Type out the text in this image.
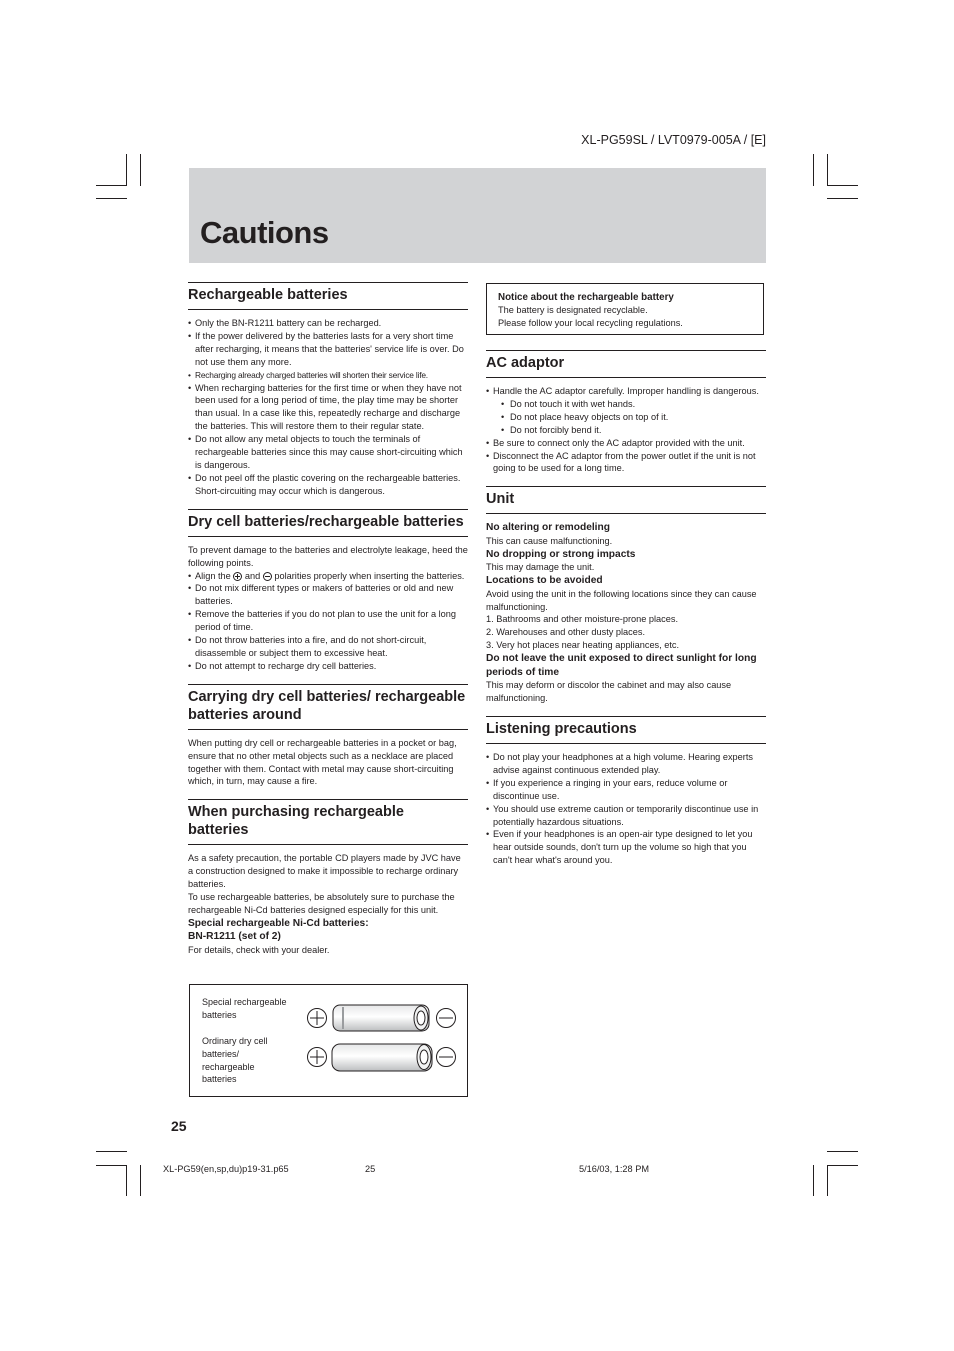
XL-PG59SL / LVT0979-005A / [E]
Cautions
Rechargeable batteries
• Only the BN-R1211 battery can be recharged.
• If the power delivered by the batteries lasts for a very short time after recharging, it means that the batteries' service life is over. Do not use them any more.
• Recharging already charged batteries will shorten their service life.
• When recharging batteries for the first time or when they have not been used for a long period of time, the play time may be shorter than usual. In a case like this, repeatedly recharge and discharge the batteries. This will restore them to their regular state.
• Do not allow any metal objects to touch the terminals of rechargeable batteries since this may cause short-circuiting which is dangerous.
• Do not peel off the plastic covering on the rechargeable batteries. Short-circuiting may occur which is dangerous.
Dry cell batteries/rechargeable batteries

To prevent damage to the batteries and electrolyte leakage, heed the following points.

• Align the and polarities properly when inserting the batteries.
• Do not mix different types or makers of batteries or old and new batteries.
• Remove the batteries if you do not plan to use the unit for a long period of time.
• Do not throw batteries into a fire, and do not short-circuit, disassemble or subject them to excessive heat.
• Do not attempt to recharge dry cell batteries.
Carrying dry cell batteries/ rechargeable batteries around

When putting dry cell or rechargeable batteries in a pocket or bag, ensure that no other metal objects such as a necklace are placed together with them. Contact with metal may cause short-circuiting which, in turn, may cause a fire.

When purchasing rechargeable batteries

As a safety precaution, the portable CD players made by JVC have a construction designed to make it impossible to recharge ordinary batteries.

To use rechargeable batteries, be absolutely sure to purchase the rechargeable Ni-Cd batteries designed especially for this unit.

Special rechargeable Ni-Cd batteries:

BN-R1211 (set of 2)

For details, check with your dealer.

Special rechargeable batteries
Ordinary dry cell batteries/ rechargeable batteries
Notice about the rechargeable battery
The battery is designated recyclable.
Please follow your local recycling regulations.
AC adaptor
• Handle the AC adaptor carefully. Improper handling is dangerous.
• Do not touch it with wet hands.
• Do not place heavy objects on top of it.
• Do not forcibly bend it.
• Be sure to connect only the AC adaptor provided with the unit.
• Disconnect the AC adaptor from the power outlet if the unit is not going to be used for a long time.
Unit

No altering or remodeling

This can cause malfunctioning.

No dropping or strong impacts

This may damage the unit.

Locations to be avoided

Avoid using the unit in the following locations since they can cause malfunctioning.

1. Bathrooms and other moisture-prone places.
2. Warehouses and other dusty places.
3. Very hot places near heating appliances, etc.

Do not leave the unit exposed to direct sunlight for long periods of time

This may deform or discolor the cabinet and may also cause malfunctioning.

Listening precautions
• Do not play your headphones at a high volume. Hearing experts advise against continuous extended play.
• If you experience a ringing in your ears, reduce volume or discontinue use.
• You should use extreme caution or temporarily discontinue use in potentially hazardous situations.
• Even if your headphones is an open-air type designed to let you hear outside sounds, don't turn up the volume so high that you can't hear what's around you.
25
XL-PG59(en,sp,du)p19-31.p65	25	5/16/03, 1:28 PM
